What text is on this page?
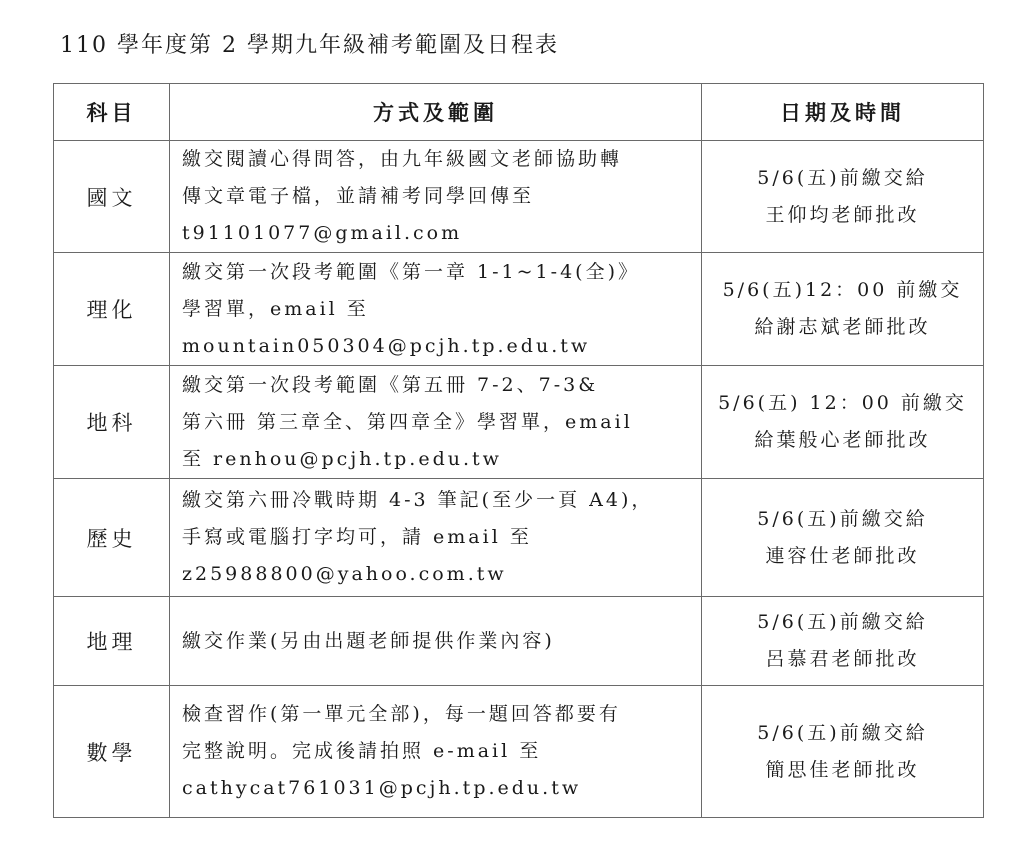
110 學年度第 2 學期九年級補考範圍及日程表
科目	方式及範圍	日期及時間
國文	繳交閱讀心得問答，由九年級國文老師協助轉
傳文章電子檔，並請補考同學回傳至
t91101077@gmail.com	5/6(五)前繳交給
王仰均老師批改

理化	繳交第一次段考範圍《第一章 1-1~1-4(全)》
學習單，email 至
mountain050304@pcjh.tp.edu.tw	5/6(五)12：00 前繳交
給謝志斌老師批改

地科	繳交第一次段考範圍《第五冊 7-2、7-3&
第六冊 第三章全、第四章全》學習單，email
至 renhou@pcjh.tp.edu.tw	5/6(五) 12：00 前繳交
給葉般心老師批改

歷史	繳交第六冊冷戰時期 4-3 筆記(至少一頁 A4)，
手寫或電腦打字均可，請 email 至
z25988800@yahoo.com.tw	5/6(五)前繳交給
連容仕老師批改

地理	繳交作業(另由出題老師提供作業內容)	5/6(五)前繳交給
呂慕君老師批改

數學	檢查習作(第一單元全部)，每一題回答都要有
完整說明。完成後請拍照 e-mail 至
cathycat761031@pcjh.tp.edu.tw	5/6(五)前繳交給
簡思佳老師批改
